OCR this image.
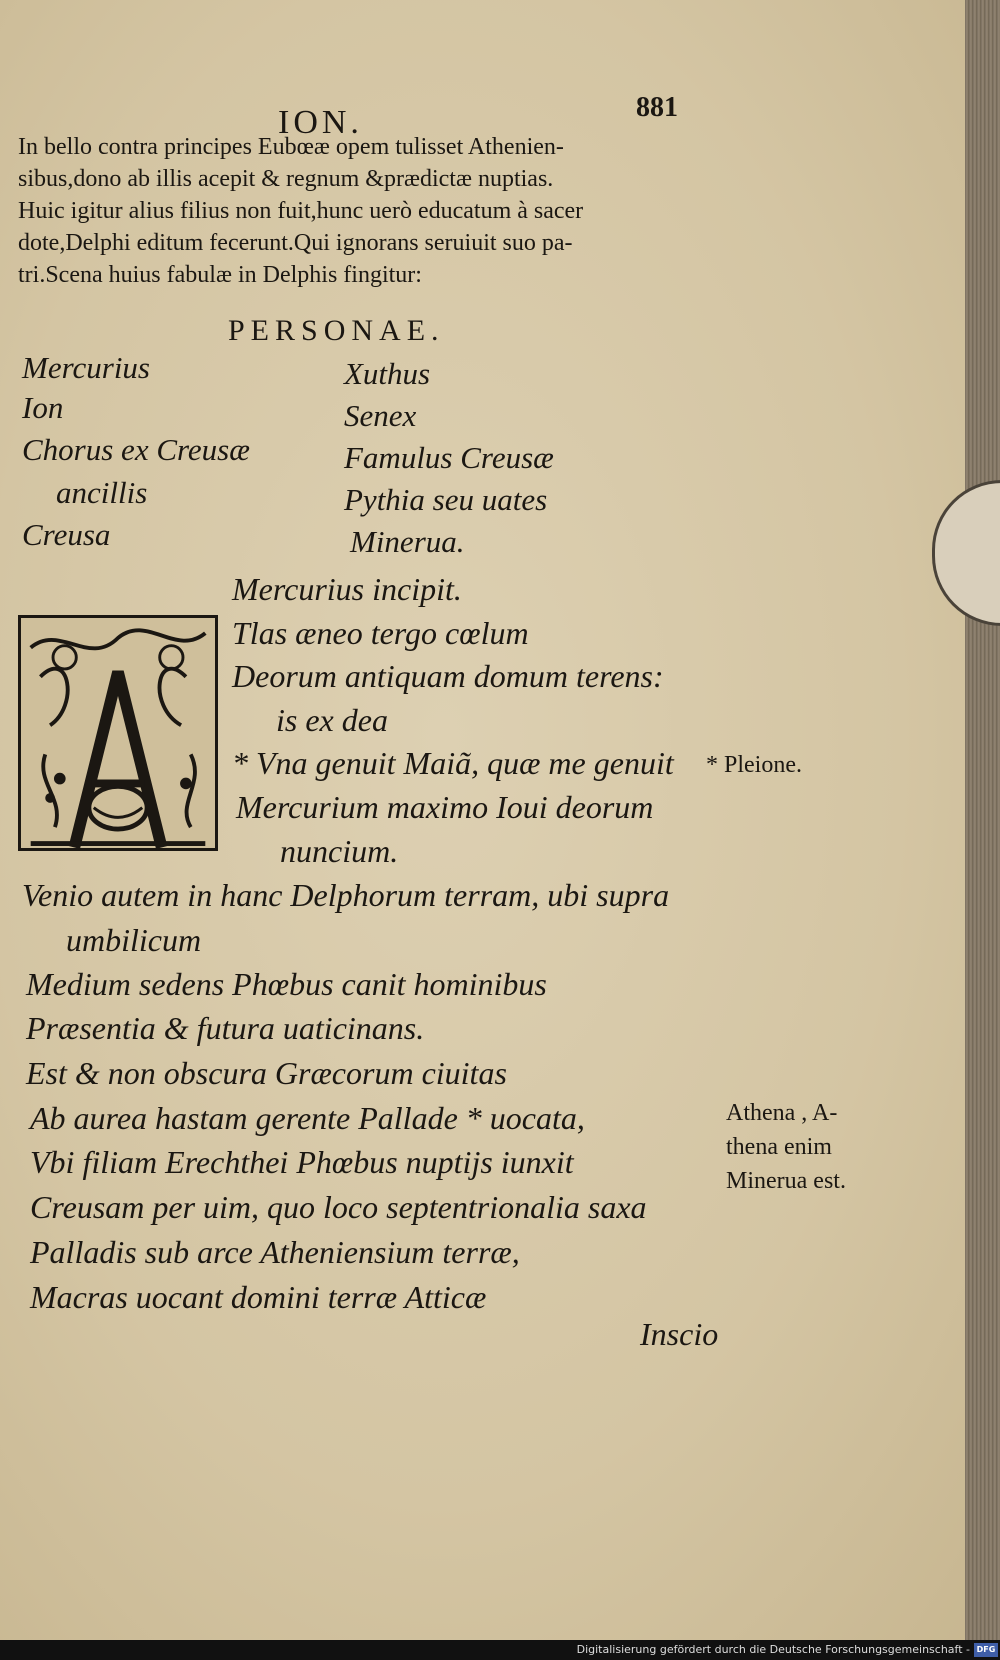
ION.	881
In bello contra principes Eubœæ opem tulisset Athenien-
sibus,dono ab illis acepit & regnum &prædictæ nuptias.
Huic igitur alius filius non fuit,hunc uerò educatum à sacer
dote,Delphi editum fecerunt.Qui ignorans seruiuit suo pa-
tri.Scena huius fabulæ in Delphis fingitur:
PERSONAE.
Mercurius
Ion
Chorus ex Creusæ
ancillis
Creusa
Xuthus
Senex
Famulus Creusæ
Pythia seu uates
Minerua.
Mercurius incipit.
Tlas æneo tergo cœlum
Deorum antiquam domum terens:
is ex dea
* Vna genuit Maiã, quæ me genuit
Mercurium maximo Ioui deorum
nuncium.
Venio autem in hanc Delphorum terram, ubi supra
umbilicum
Medium sedens Phœbus canit hominibus
Præsentia & futura uaticinans.
Est & non obscura Græcorum ciuitas
Ab aurea hastam gerente Pallade * uocata,
Vbi filiam Erechthei Phœbus nuptijs iunxit
Creusam per uim, quo loco septentrionalia saxa
Palladis sub arce Atheniensium terræ,
Macras uocant domini terræ Atticæ
* Pleione.
Athena , A-
thena enim
Minerua est.
Inscio
Digitalisierung gefördert durch die Deutsche Forschungsgemeinschaft - DFG
